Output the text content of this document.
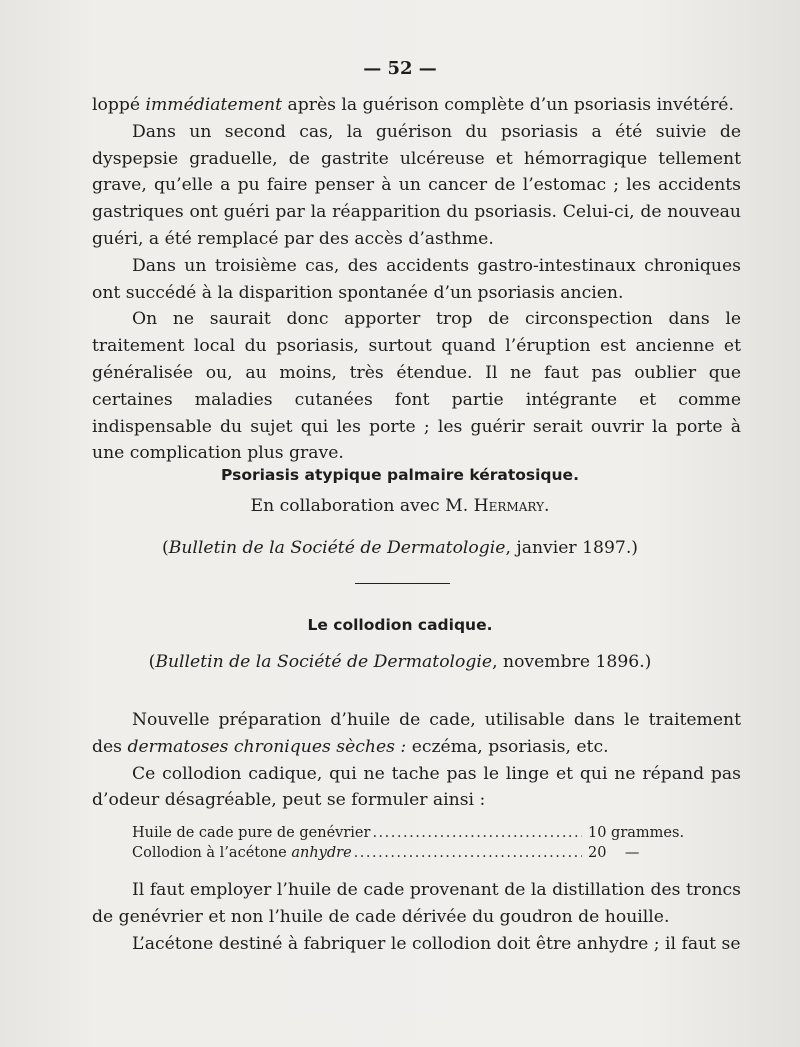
— 52 —

loppé immédiatement après la guérison complète d’un psoriasis invétéré.

Dans un second cas, la guérison du psoriasis a été suivie de dyspepsie graduelle, de gastrite ulcéreuse et hémorragique tellement grave, qu’elle a pu faire penser à un cancer de l’estomac ; les accidents gastriques ont guéri par la réapparition du psoriasis. Celui-ci, de nouveau guéri, a été remplacé par des accès d’asthme.

Dans un troisième cas, des accidents gastro-intestinaux chroniques ont succédé à la disparition spontanée d’un psoriasis ancien.

On ne saurait donc apporter trop de circonspection dans le traitement local du psoriasis, surtout quand l’éruption est ancienne et généralisée ou, au moins, très étendue. Il ne faut pas oublier que certaines maladies cutanées font partie intégrante et comme indispensable du sujet qui les porte ; les guérir serait ouvrir la porte à une complication plus grave.

Psoriasis atypique palmaire kératosique.
En collaboration avec M. Hermary.
(Bulletin de la Société de Dermatologie, janvier 1897.)
Le collodion cadique.
(Bulletin de la Société de Dermatologie, novembre 1896.)

Nouvelle préparation d’huile de cade, utilisable dans le traitement des dermatoses chroniques sèches : eczéma, psoriasis, etc.

Ce collodion cadique, qui ne tache pas le linge et qui ne répand pas d’odeur désagréable, peut se formuler ainsi :

Huile de cade pure de genévrier .....	10 grammes.
Collodion à l’acétone anhydre .....	20    —

Il faut employer l’huile de cade provenant de la distillation des troncs de genévrier et non l’huile de cade dérivée du goudron de houille.

L’acétone destiné à fabriquer le collodion doit être anhydre ; il faut se
